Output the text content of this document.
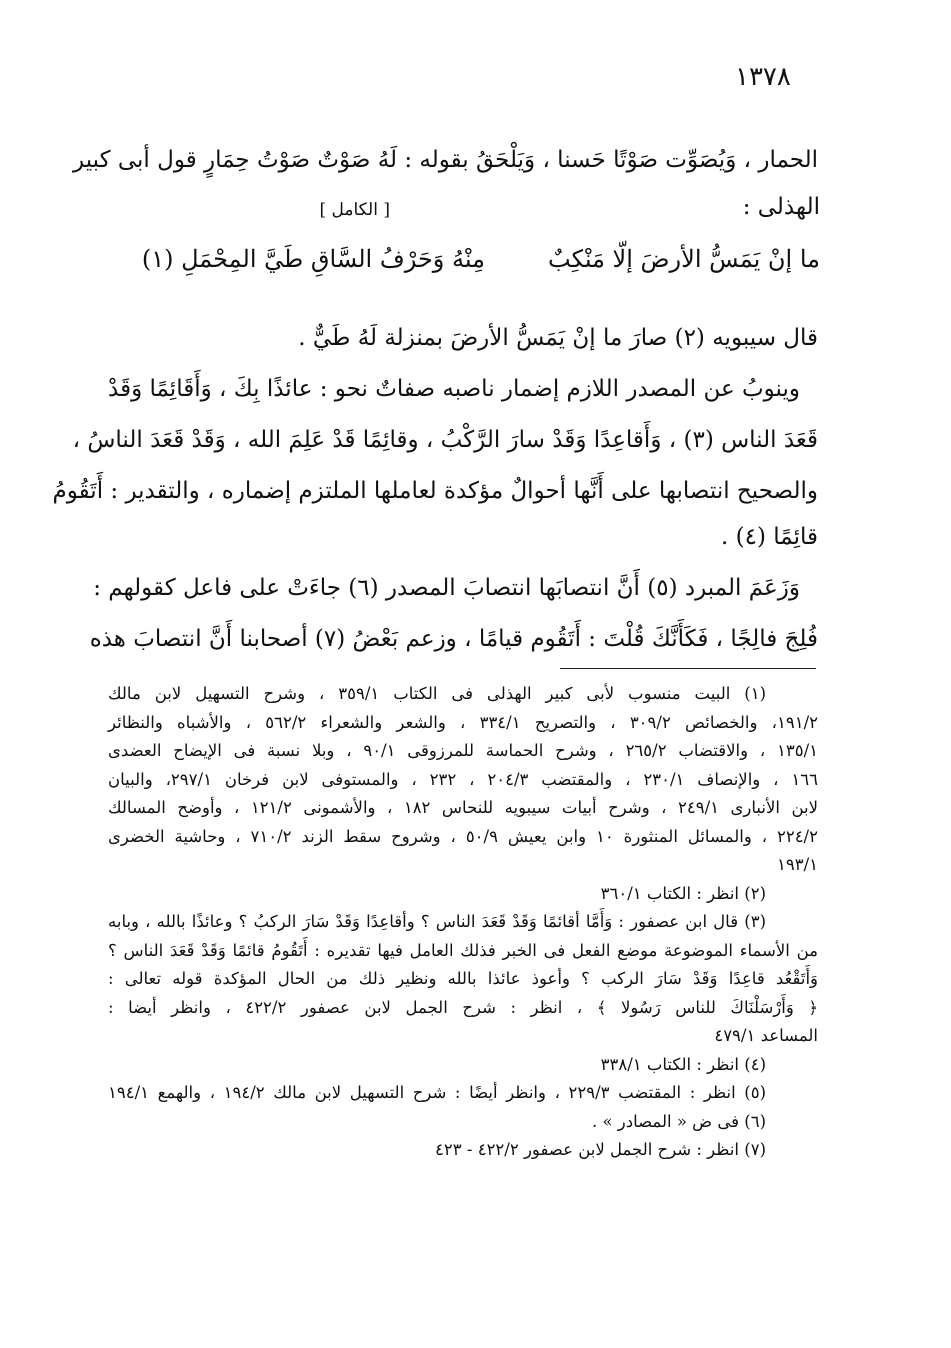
١٣٧٨
الحمار ، وَيُصَوِّت صَوْتًا حَسنا ، وَيَلْحَقُ بقوله : لَهُ صَوْتٌ صَوْتُ حِمَارٍ قول أبى كبير
الهذلى :
[ الكامل ]
ما إنْ يَمَسُّ الأرضَ إلّا مَنْكِبٌ
مِنْهُ وَحَرْفُ السَّاقِ طَيَّ المِحْمَلِ (١)

قال سيبويه (٢) صارَ ما إنْ يَمَسُّ الأرضَ بمنزلة لَهُ طَيٌّ .

وينوبُ عن المصدر اللازم إضمار ناصبه صفاتٌ نحو : عائذًا بِكَ ، وَأَقَائِمًا وَقَدْ
قَعَدَ الناس (٣) ، وَأَقاعِدًا وَقَدْ سارَ الرَّكْبُ ، وقائِمًا قَدْ عَلِمَ الله ، وَقَدْ قَعَدَ الناسُ ،
والصحيح انتصابها على أَنَّها أحوالٌ مؤكدة لعاملها الملتزم إضماره ، والتقدير : أَتَقُومُ
قائِمًا (٤) .

وَزَعَمَ المبرد (٥) أَنَّ انتصابَها انتصابَ المصدر (٦) جاءَتْ على فاعل كقولهم :
فُلِجَ فالِجًا ، فَكَأَنَّكَ قُلْتَ : أَتَقُوم قيامًا ، وزعم بَعْضُ (٧) أصحابنا أَنَّ انتصابَ هذه

(١) البيت منسوب لأبى كبير الهذلى فى الكتاب ٣٥٩/١ ، وشرح التسهيل لابن مالك
١٩١/٢، والخصائص ٣٠٩/٢ ، والتصريح ٣٣٤/١ ، والشعر والشعراء ٥٦٢/٢ ، والأشباه والنظائر
١٣٥/١ ، والاقتضاب ٢٦٥/٢ ، وشرح الحماسة للمرزوقى ٩٠/١ ، وبلا نسبة فى الإيضاح العضدى
١٦٦ ، والإنصاف ٢٣٠/١ ، والمقتضب ٢٠٤/٣ ، ٢٣٢ ، والمستوفى لابن فرخان ٢٩٧/١، والبيان
لابن الأنبارى ٢٤٩/١ ، وشرح أبيات سيبويه للنحاس ١٨٢ ، والأشمونى ١٢١/٢ ، وأوضح المسالك
٢٢٤/٢ ، والمسائل المنثورة ١٠ وابن يعيش ٥٠/٩ ، وشروح سقط الزند ٧١٠/٢ ، وحاشية الخضرى
١٩٣/١
(٢) انظر : الكتاب ٣٦٠/١
(٣) قال ابن عصفور : وَأَمَّا أقائمًا وَقَدْ قَعَدَ الناس ؟ وأقاعِدًا وَقَدْ سَارَ الركبُ ؟ وعائذًا بالله ، وبابه
من الأسماء الموضوعة موضع الفعل فى الخبر فذلك العامل فيها تقديره : أَتَقُومُ قائمًا وَقَدْ قَعَدَ الناس ؟
وَأَتَقْعُد قاعِدًا وَقَدْ سَارَ الركب ؟ وأعوذ عائذا بالله ونظير ذلك من الحال المؤكدة قوله تعالى :
﴿ وَأَرْسَلْنَاكَ للناس رَسُولا ﴾ ، انظر : شرح الجمل لابن عصفور ٤٢٢/٢ ، وانظر أيضا :
المساعد ٤٧٩/١
(٤) انظر : الكتاب ٣٣٨/١
(٥) انظر : المقتضب ٢٢٩/٣ ، وانظر أيضًا : شرح التسهيل لابن مالك ١٩٤/٢ ، والهمع ١٩٤/١
(٦) فى ض « المصادر » .
(٧) انظر : شرح الجمل لابن عصفور ٤٢٢/٢ - ٤٢٣
